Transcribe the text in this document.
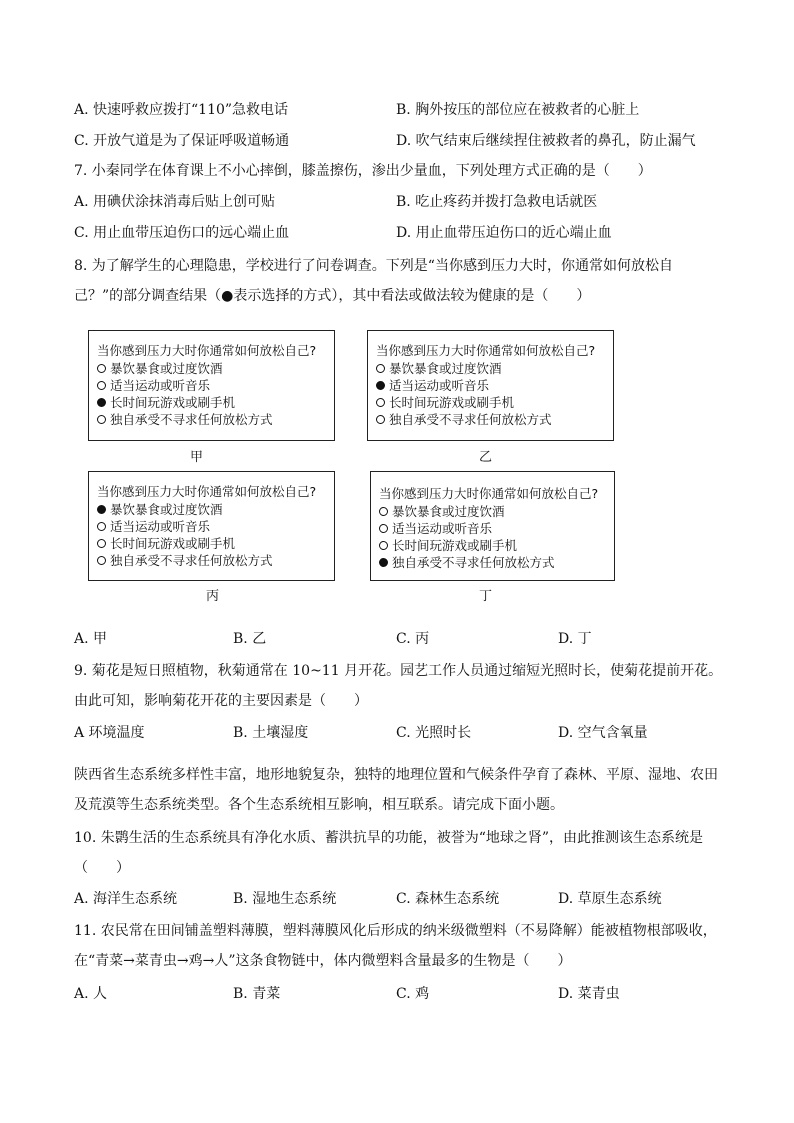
A. 快速呼救应拨打“110”急救电话	B. 胸外按压的部位应在被救者的心脏上
C. 开放气道是为了保证呼吸道畅通	D. 吹气结束后继续捏住被救者的鼻孔，防止漏气
7. 小秦同学在体育课上不小心摔倒，膝盖擦伤，渗出少量血，下列处理方式正确的是（　　）
A. 用碘伏涂抹消毒后贴上创可贴	B. 吃止疼药并拨打急救电话就医
C. 用止血带压迫伤口的远心端止血	D. 用止血带压迫伤口的近心端止血
8. 为了解学生的心理隐患，学校进行了问卷调查。下列是“当你感到压力大时，你通常如何放松自
己？”的部分调查结果（●表示选择的方式），其中看法或做法较为健康的是（　　）
当你感到压力大时你通常如何放松自己?
暴饮暴食或过度饮酒
适当运动或听音乐
长时间玩游戏或刷手机
独自承受不寻求任何放松方式
甲
当你感到压力大时你通常如何放松自己?
暴饮暴食或过度饮酒
适当运动或听音乐
长时间玩游戏或刷手机
独自承受不寻求任何放松方式
乙
当你感到压力大时你通常如何放松自己?
暴饮暴食或过度饮酒
适当运动或听音乐
长时间玩游戏或刷手机
独自承受不寻求任何放松方式
丙
当你感到压力大时你通常如何放松自己?
暴饮暴食或过度饮酒
适当运动或听音乐
长时间玩游戏或刷手机
独自承受不寻求任何放松方式
丁
A. 甲	B. 乙	C. 丙	D. 丁
9. 菊花是短日照植物，秋菊通常在 10~11 月开花。园艺工作人员通过缩短光照时长，使菊花提前开花。
由此可知，影响菊花开花的主要因素是（　　）
A 环境温度	B. 土壤湿度	C. 光照时长	D. 空气含氧量
陕西省生态系统多样性丰富，地形地貌复杂，独特的地理位置和气候条件孕育了森林、平原、湿地、农田
及荒漠等生态系统类型。各个生态系统相互影响，相互联系。请完成下面小题。
10. 朱鹮生活的生态系统具有净化水质、蓄洪抗旱的功能，被誉为“地球之肾”，由此推测该生态系统是
（　　）
A. 海洋生态系统	B. 湿地生态系统	C. 森林生态系统	D. 草原生态系统
11. 农民常在田间铺盖塑料薄膜，塑料薄膜风化后形成的纳米级微塑料（不易降解）能被植物根部吸收，
在“青菜→菜青虫→鸡→人”这条食物链中，体内微塑料含量最多的生物是（　　）
A. 人	B. 青菜	C. 鸡	D. 菜青虫
